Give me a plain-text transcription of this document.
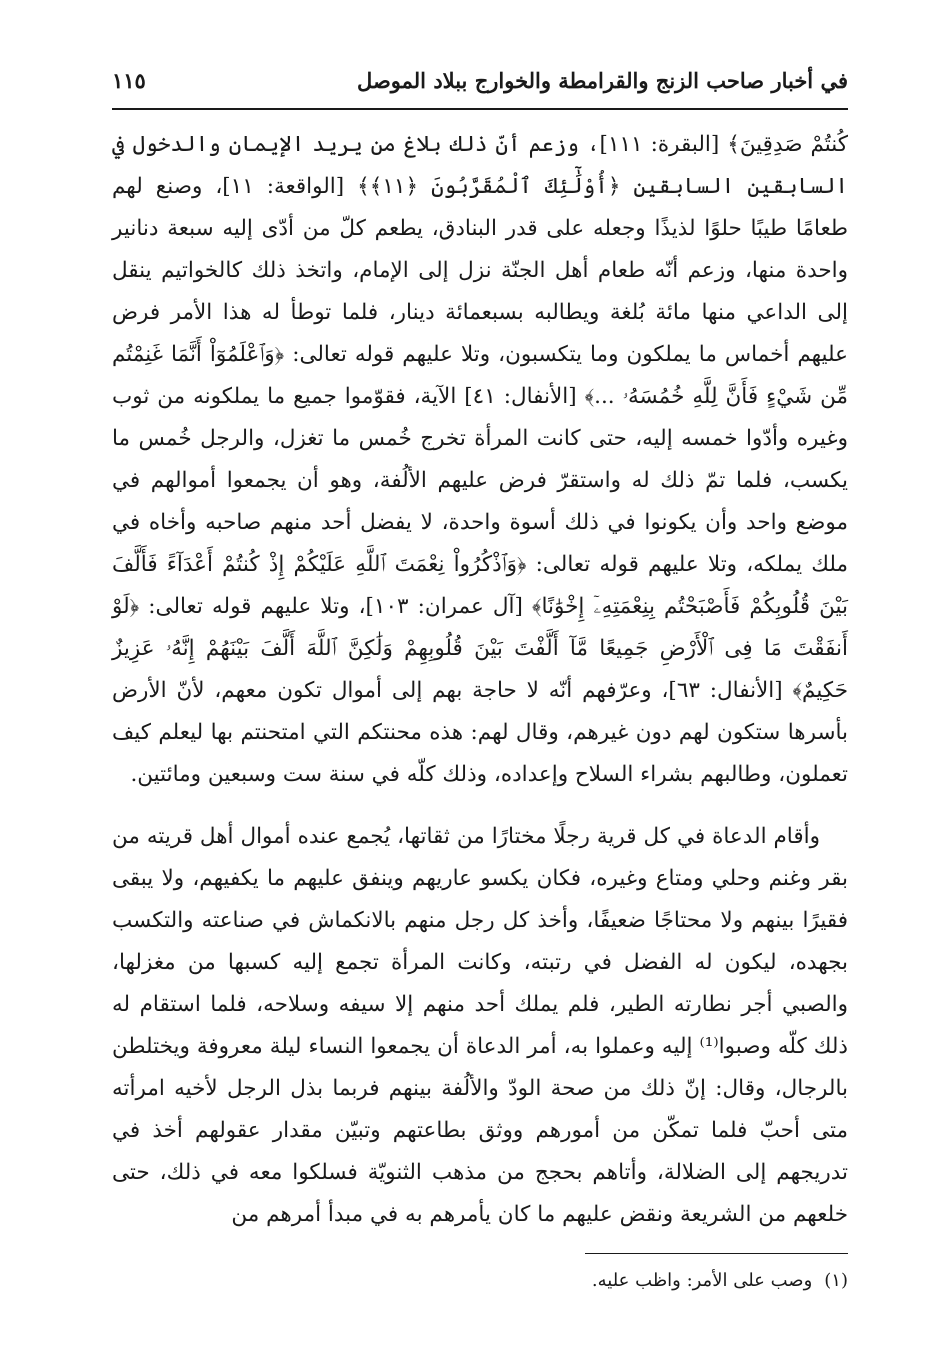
في أخبار صاحب الزنج والقرامطة والخوارج ببلاد الموصل
١١٥

كُنتُمْ صَدِقِينَ﴾ [البقرة: ١١١]، وزعم أنّ ذلك بلاغ من يريد الإيمان والدخول في السابقين السابقين ﴿أُوْلَٰٓئِكَ ٱلْمُقَرَّبُونَ ﴿١١﴾﴾ [الواقعة: ١١]، وصنع لهم طعامًا طيبًا حلوًا لذيذًا وجعله على قدر البنادق، يطعم كلّ من أدّى إليه سبعة دنانير واحدة منها، وزعم أنّه طعام أهل الجنّة نزل إلى الإمام، واتخذ ذلك كالخواتيم ينقل إلى الداعي منها مائة بُلغة ويطالبه بسبعمائة دينار، فلما توطأ له هذا الأمر فرض عليهم أخماس ما يملكون وما يتكسبون، وتلا عليهم قوله تعالى: ﴿وَٱعْلَمُوٓاْ أَنَّمَا غَنِمْتُم مِّن شَيْءٍ فَأَنَّ لِلَّهِ خُمُسَهُۥ ...﴾ [الأنفال: ٤١] الآية، فقوّموا جميع ما يملكونه من ثوب وغيره وأدّوا خمسه إليه، حتى كانت المرأة تخرج خُمس ما تغزل، والرجل خُمس ما يكسب، فلما تمّ ذلك له واستقرّ فرض عليهم الألُفة، وهو أن يجمعوا أموالهم في موضع واحد وأن يكونوا في ذلك أسوة واحدة، لا يفضل أحد منهم صاحبه وأخاه في ملك يملكه، وتلا عليهم قوله تعالى: ﴿وَٱذْكُرُواْ نِعْمَتَ ٱللَّهِ عَلَيْكُمْ إِذْ كُنتُمْ أَعْدَآءً فَأَلَّفَ بَيْنَ قُلُوبِكُمْ فَأَصْبَحْتُم بِنِعْمَتِهِۦٓ إِخْوَٰنًا﴾ [آل عمران: ١٠٣]، وتلا عليهم قوله تعالى: ﴿لَوْ أَنفَقْتَ مَا فِى ٱلْأَرْضِ جَمِيعًا مَّآ أَلَّفْتَ بَيْنَ قُلُوبِهِمْ وَلَٰكِنَّ ٱللَّهَ أَلَّفَ بَيْنَهُمْ إِنَّهُۥ عَزِيزٌ حَكِيمٌ﴾ [الأنفال: ٦٣]، وعرّفهم أنّه لا حاجة بهم إلى أموال تكون معهم، لأنّ الأرض بأسرها ستكون لهم دون غيرهم، وقال لهم: هذه محنتكم التي امتحنتم بها ليعلم كيف تعملون، وطالبهم بشراء السلاح وإعداده، وذلك كلّه في سنة ست وسبعين ومائتين.

وأقام الدعاة في كل قرية رجلًا مختارًا من ثقاتها، يُجمع عنده أموال أهل قريته من بقر وغنم وحلي ومتاع وغيره، فكان يكسو عاريهم وينفق عليهم ما يكفيهم، ولا يبقى فقيرًا بينهم ولا محتاجًا ضعيفًا، وأخذ كل رجل منهم بالانكماش في صناعته والتكسب بجهده، ليكون له الفضل في رتبته، وكانت المرأة تجمع إليه كسبها من مغزلها، والصبي أجر نطارته الطير، فلم يملك أحد منهم إلا سيفه وسلاحه، فلما استقام له ذلك كلّه وصبوا⁽¹⁾ إليه وعملوا به، أمر الدعاة أن يجمعوا النساء ليلة معروفة ويختلطن بالرجال، وقال: إنّ ذلك من صحة الودّ والألُفة بينهم فربما بذل الرجل لأخيه امرأته متى أحبّ فلما تمكّن من أمورهم ووثق بطاعتهم وتبيّن مقدار عقولهم أخذ في تدريجهم إلى الضلالة، وأتاهم بحجج من مذهب الثنويّة فسلكوا معه في ذلك، حتى خلعهم من الشريعة ونقض عليهم ما كان يأمرهم به في مبدأ أمرهم من

(١)وصب على الأمر: واظب عليه.
